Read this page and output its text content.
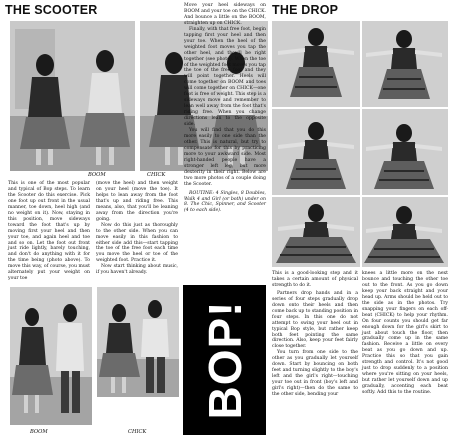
THE SCOOTER
BOOM	CHICK

This is one of the most popular and typical of Bop steps. To learn the Scooter do this exercise. Pick one foot up out front in the usual manner, toe down, heel high (and no weight on it). Now, staying in this position, move sideways toward the foot that's up by moving first your heel and then your toe, and again heel and toe and so on. Let the foot out front just ride lightly, barely touching, and don't do anything with it for the time being (photo above). To move this way, of course, you must alternately put your weight on your toe

(move the heel) and then weight on your heel (move the toe). It helps to lean away from the foot that's up and riding free. This means, also, that you'll be leaning away from the direction you're going.

Now do this just as thoroughly to the other side. When you can move easily in this fashion to either side add this—start tapping the toe of the free foot each time you move the heel or toe of the weighted foot. Practice it.

Now start thinking about music, if you haven't already.

Move your heel sideways on BOOM and your toe on the CHICK. And bounce a little on the BOOM, straighten up on CHICK.

Finally, with that free foot, begin tapping first your heel and then your toe. When the heel of the weighted foot moves you tap the other heel, and they'll be right together (see photo). When the toe of the weighted foot moves you tap the toe of the free foot and they will point together. Heels will come together on BOOM and toes will come together on CHICK—one foot is free of weight. This step is a sideways move and remember to lean well away from the foot that's riding free. When you change directions lean to the opposite side.

You will find that you do this more easily to one side than the other. This is natural, but try to compensate for this by practicing more to your awkward side. Most right-handed people have a stronger left leg, but more dexterity in their right. Below are two more photos of a couple doing the Scooter.

ROUTINE: 4 Singles, 8 Doubles, Walk 4 and Girl (or both) under on 8. The Chic, Spinner, and Scooter (4 to each side).

BOOM	CHICK
BOP!
THE DROP

This is a good-looking step and it takes a certain amount of physical strength to do it.

Partners drop hands and in a series of four steps gradually drop down onto their heels and then come back up to standing position in four steps. In this one do not attempt to swing your heel out in typical Bop style, but rather keep both feet pointing the same direction. Also, keep your feet fairly close together.

You turn from one side to the other as you gradually let yourself down. Start by bouncing on both feet and turning slightly to the boy's left and the girl's right—touching your toe out in front (boy's left and girl's right)—then do the same to the other side, bending your

knees a little more on the next bounce and touching the other toe out to the front. As you go down keep your back straight and your head up. Arms should be held out to the side as in the photos. Try snapping your fingers on each off-beat (CHICK) to help your rhythm. On four counts you should get far enough down for the girl's skirt to just about touch the floor, then gradually come up in the same fashion. Receive a little on every beat as you go down and up. Practice this so that you gain strength and control. It's not good just to drop suddenly to a position where you're sitting on your heels, but rather let yourself down and up gradually, accenting each beat softly. Add this to the routine.
